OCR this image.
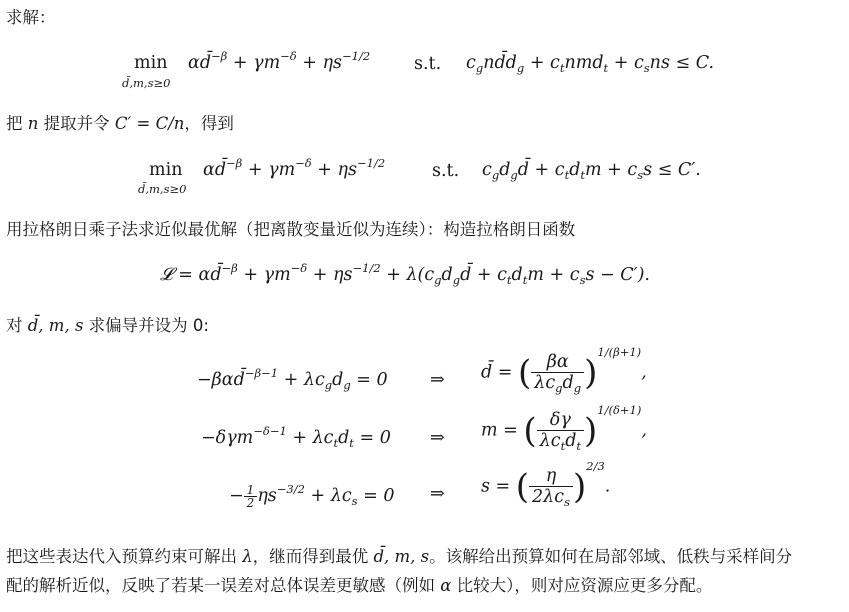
求解：
min
d̄,m,s≥0
αd̄$^{-\beta}$ + $\gamma m^{-\delta} + \eta s^{-1/2}$	s.t. $c_gnd̄d_g + c_tnmd_t + c_sns \le C$.
把 n 提取并令 C′ = C/n，得到
min
d̄,m,s≥0
αd̄$^{-\beta}$ + $\gamma m^{-\delta} + \eta s^{-1/2}$	s.t. $c_gd_gd̄ + c_td_tm + c_ss \le C'$.
用拉格朗日乘子法求近似最优解（把离散变量近似为连续）：构造拉格朗日函数
𝓛 = αd̄$^{-\beta}$ + $\gamma m^{-\delta} + \eta s^{-1/2}$ + $\lambda(c_gd_gd̄ + c_td_tm + c_ss - C')$.
对 d̄, m, s 求偏导并设为 0:
−βαd̄$^{-\beta-1}$ + $\lambda c_gd_g = 0$ ⇒ d̄ = ( $\frac{\beta\alpha}{\lambda c_gd_g} )^{1/(\beta+1)}$,
$-\delta\gamma m^{-\delta-1} + \lambda c_td_t = 0$ ⇒ m = ( $\frac{\delta\gamma}{\lambda c_td_t} )^{1/(\delta+1)}$,
− $\frac{1}{2} \eta s^{-3/2} + \lambda c_s = 0$ ⇒ s = ( $\frac{\eta}{2\lambda c_s} )^{2/3}$.
把这些表达代入预算约束可解出 λ，继而得到最优 d̄, m, s。该解给出预算如何在局部邻域、低秩与采样间分
配的解析近似，反映了若某一误差对总体误差更敏感（例如 α 比较大），则对应资源应更多分配。
